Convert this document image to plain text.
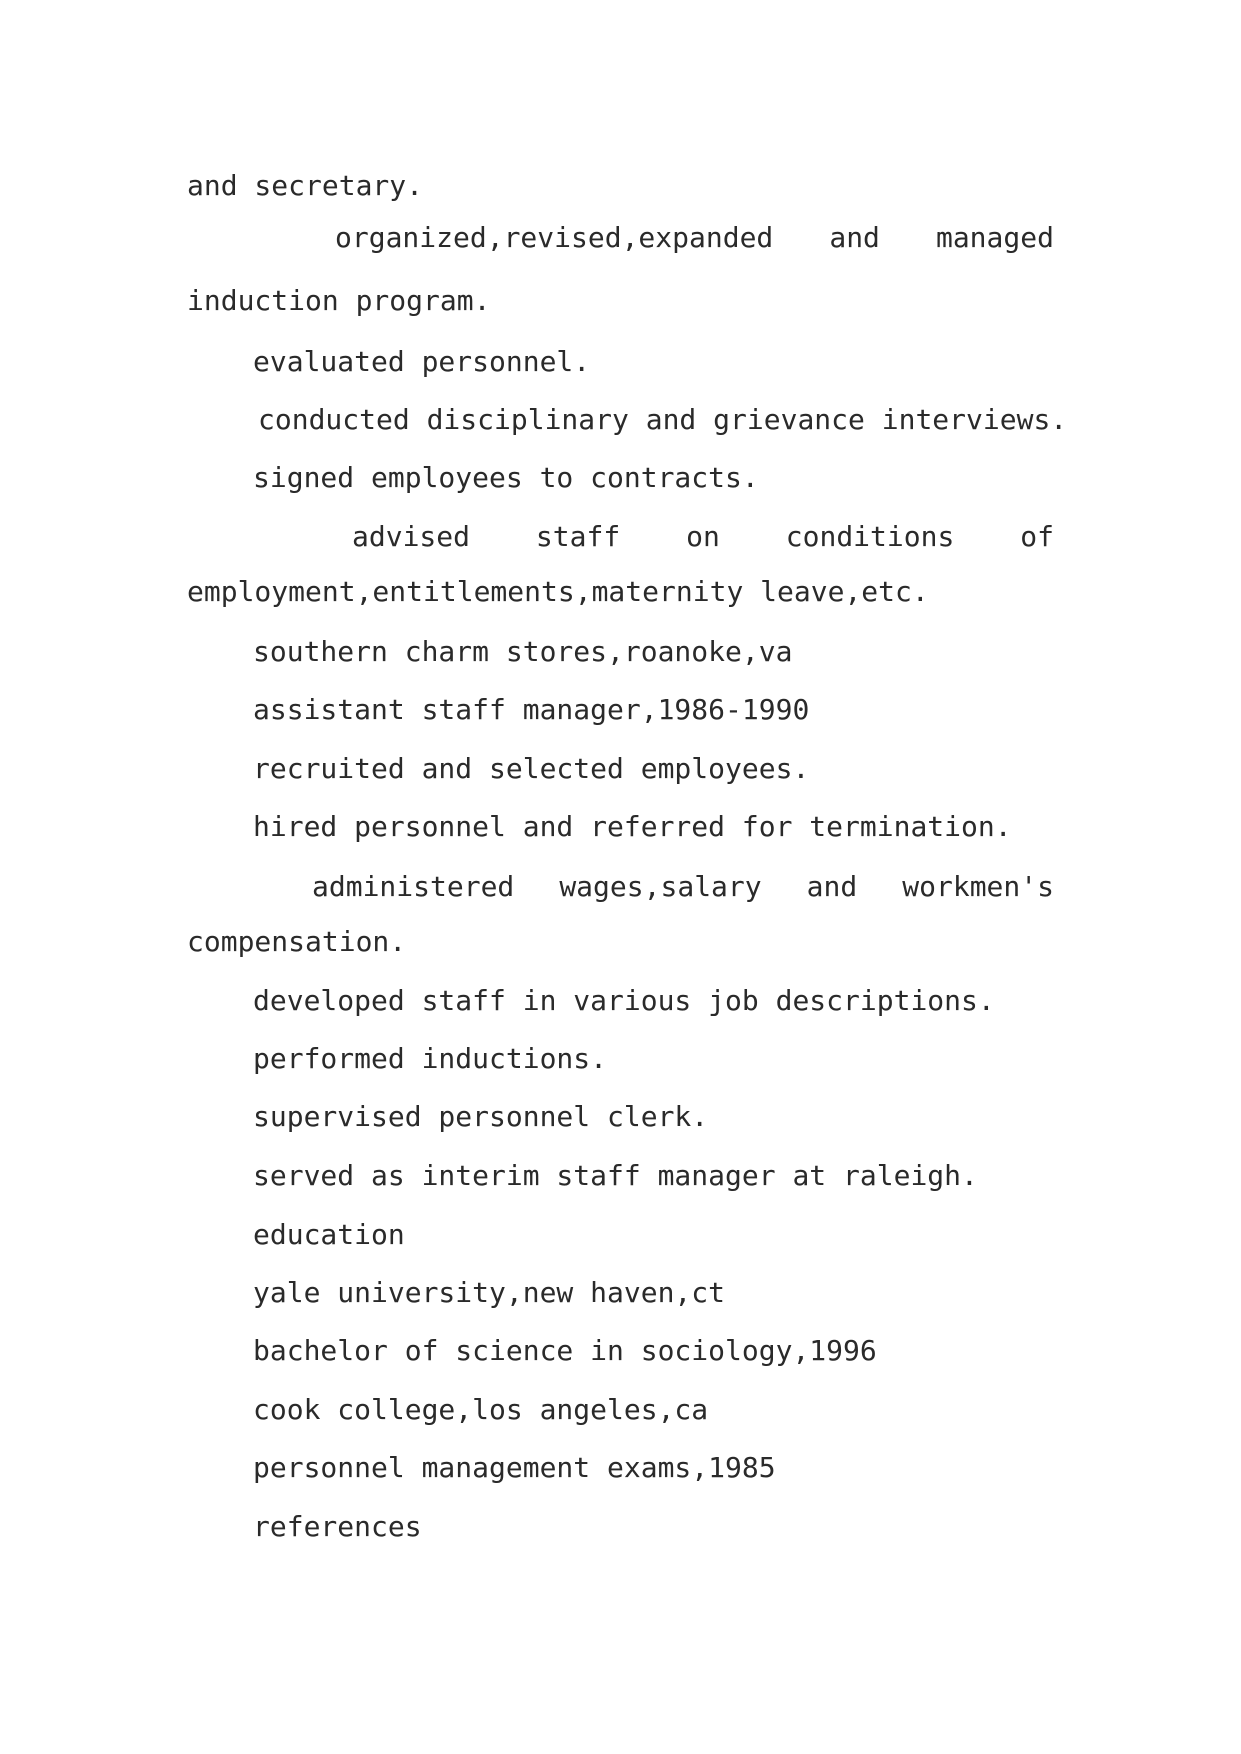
and secretary.
organized,revised,expanded and managed
induction program.
evaluated personnel.
conducted disciplinary and grievance interviews.
signed employees to contracts.
advised staff on conditions of
employment,entitlements,maternity leave,etc.
southern charm stores,roanoke,va
assistant staff manager,1986-1990
recruited and selected employees.
hired personnel and referred for termination.
administered wages,salary and workmen's
compensation.
developed staff in various job descriptions.
performed inductions.
supervised personnel clerk.
served as interim staff manager at raleigh.
education
yale university,new haven,ct
bachelor of science in sociology,1996
cook college,los angeles,ca
personnel management exams,1985
references
